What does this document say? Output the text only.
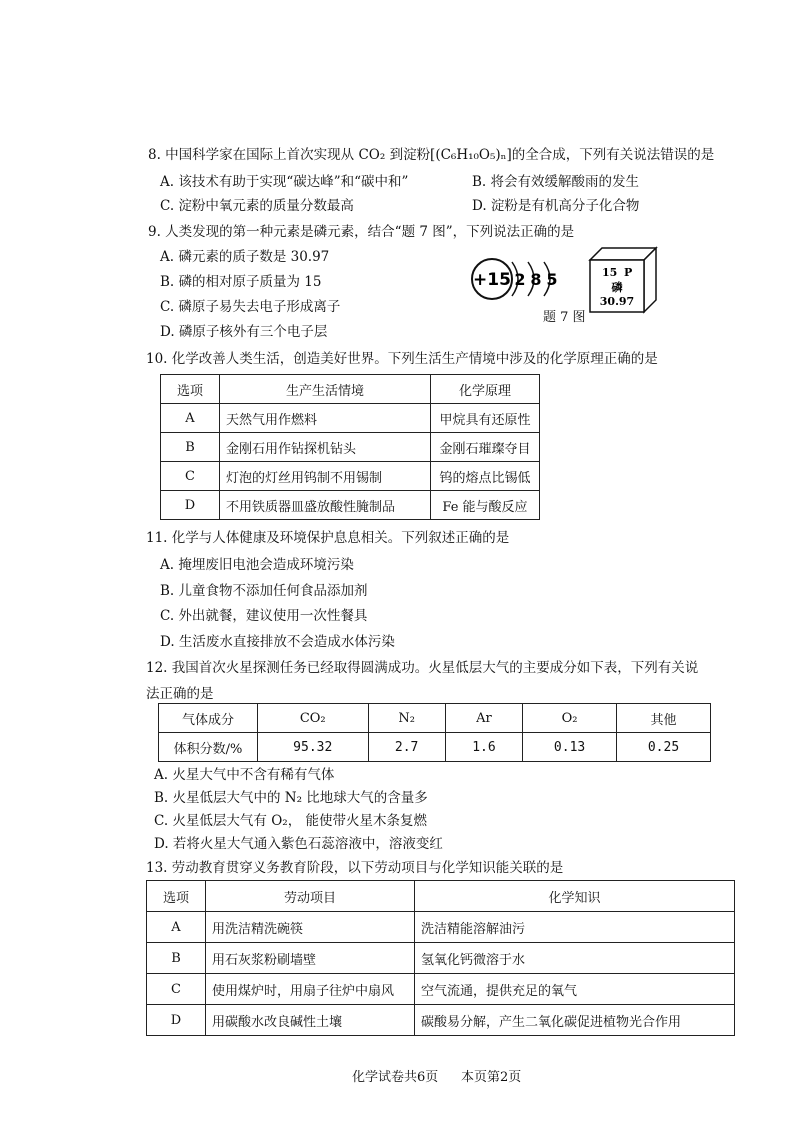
8. 中国科学家在国际上首次实现从 CO₂ 到淀粉[(C₆H₁₀O₅)ₙ]的全合成，下列有关说法错误的是
A. 该技术有助于实现“碳达峰”和“碳中和”	B. 将会有效缓解酸雨的发生
C. 淀粉中氧元素的质量分数最高	D. 淀粉是有机高分子化合物
9. 人类发现的第一种元素是磷元素，结合“题 7 图”，下列说法正确的是
A. 磷元素的质子数是 30.97
B. 磷的相对原子质量为 15
C. 磷原子易失去电子形成离子
D. 磷原子核外有三个电子层
+15 2 8 5	15 P
磷
30.97
题 7 图
10. 化学改善人类生活，创造美好世界。下列生活生产情境中涉及的化学原理正确的是
选项	生产生活情境	化学原理
A	天然气用作燃料	甲烷具有还原性
B	金刚石用作钻探机钻头	金刚石璀璨夺目
C	灯泡的灯丝用钨制不用锡制	钨的熔点比锡低
D	不用铁质器皿盛放酸性腌制品	Fe 能与酸反应
11. 化学与人体健康及环境保护息息相关。下列叙述正确的是
A. 掩埋废旧电池会造成环境污染
B. 儿童食物不添加任何食品添加剂
C. 外出就餐，建议使用一次性餐具
D. 生活废水直接排放不会造成水体污染
12. 我国首次火星探测任务已经取得圆满成功。火星低层大气的主要成分如下表，下列有关说
法正确的是
气体成分	CO₂	N₂	Ar	O₂	其他
体积分数/%	95.32	2.7	1.6	0.13	0.25
A. 火星大气中不含有稀有气体
B. 火星低层大气中的 N₂ 比地球大气的含量多
C. 火星低层大气有 O₂， 能使带火星木条复燃
D. 若将火星大气通入紫色石蕊溶液中，溶液变红
13. 劳动教育贯穿义务教育阶段，以下劳动项目与化学知识能关联的是
选项	劳动项目	化学知识
A	用洗洁精洗碗筷	洗洁精能溶解油污
B	用石灰浆粉刷墙壁	氢氧化钙微溶于水
C	使用煤炉时，用扇子往炉中扇风	空气流通，提供充足的氧气
D	用碳酸水改良碱性土壤	碳酸易分解，产生二氧化碳促进植物光合作用
化学试卷共6页 本页第2页
